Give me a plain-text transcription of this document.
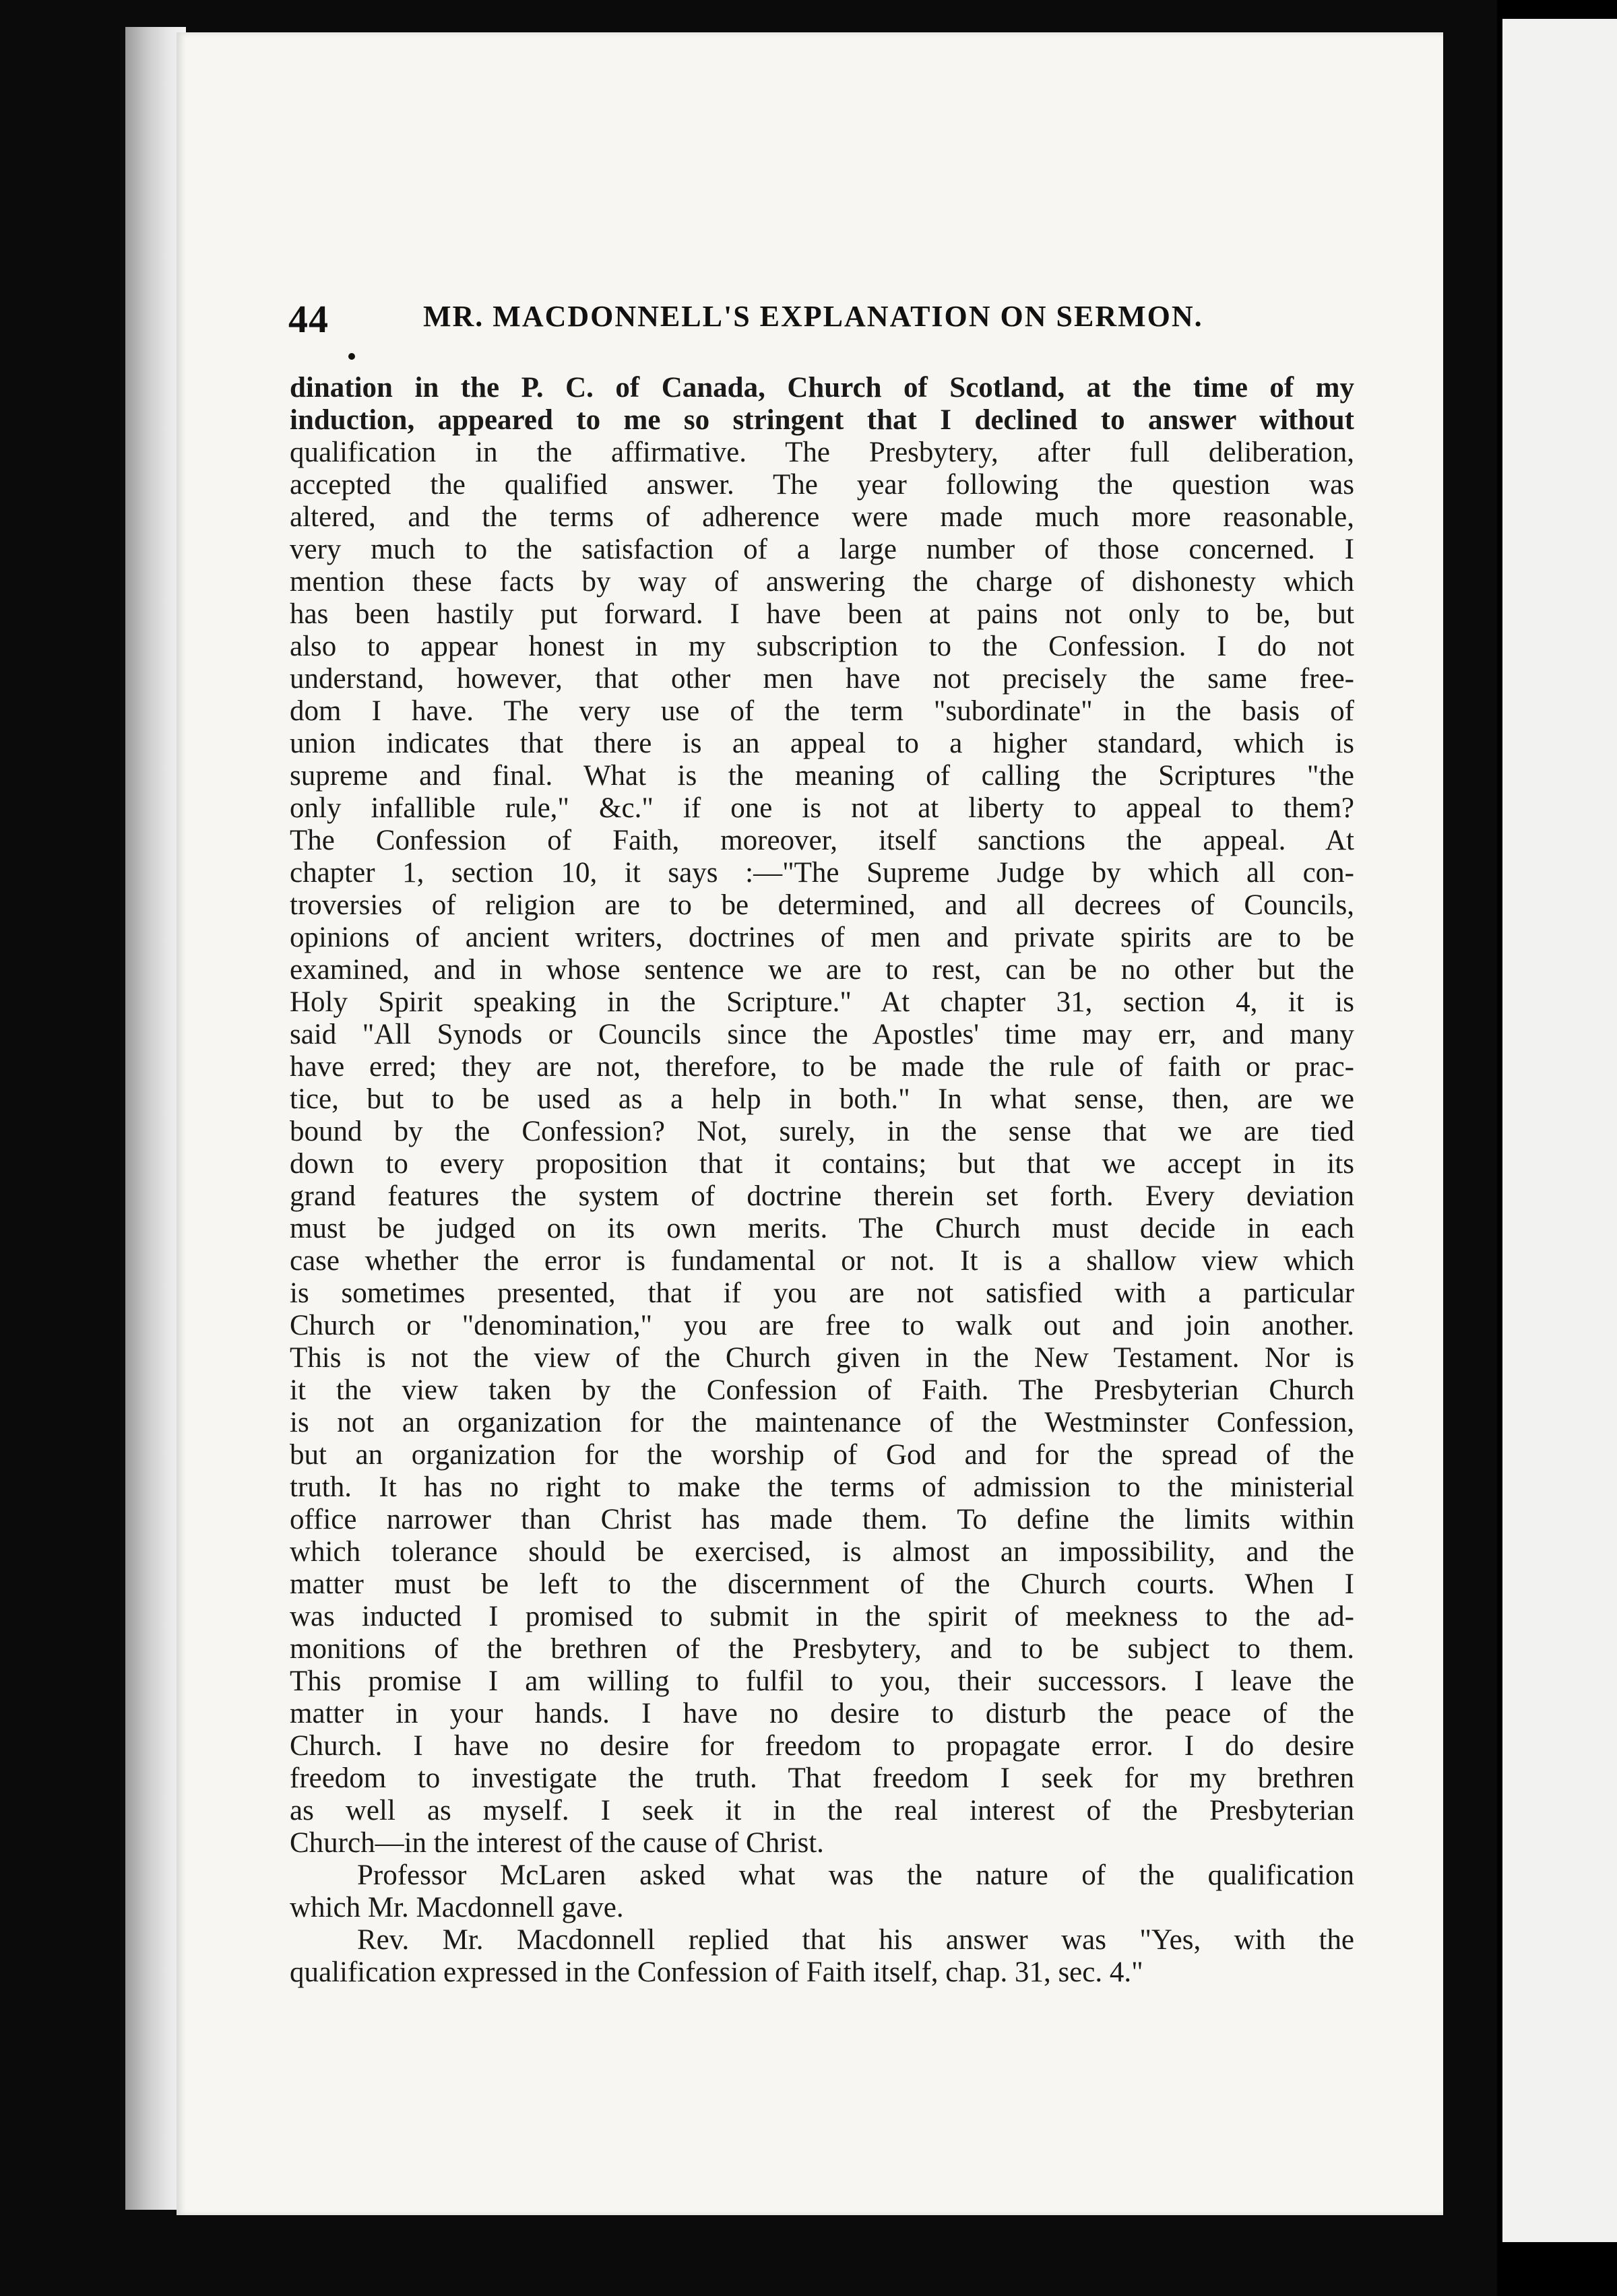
44	MR. MACDONNELL'S EXPLANATION ON SERMON.
dination in the P. C. of Canada, Church of Scotland, at the time of my
induction, appeared to me so stringent that I declined to answer without
qualification in the affirmative. The Presbytery, after full deliberation,
accepted the qualified answer. The year following the question was
altered, and the terms of adherence were made much more reasonable,
very much to the satisfaction of a large number of those concerned. I
mention these facts by way of answering the charge of dishonesty which
has been hastily put forward. I have been at pains not only to be, but
also to appear honest in my subscription to the Confession. I do not
understand, however, that other men have not precisely the same free-
dom I have. The very use of the term "subordinate" in the basis of
union indicates that there is an appeal to a higher standard, which is
supreme and final. What is the meaning of calling the Scriptures "the
only infallible rule," &c." if one is not at liberty to appeal to them?
The Confession of Faith, moreover, itself sanctions the appeal. At
chapter 1, section 10, it says :—"The Supreme Judge by which all con-
troversies of religion are to be determined, and all decrees of Councils,
opinions of ancient writers, doctrines of men and private spirits are to be
examined, and in whose sentence we are to rest, can be no other but the
Holy Spirit speaking in the Scripture." At chapter 31, section 4, it is
said "All Synods or Councils since the Apostles' time may err, and many
have erred; they are not, therefore, to be made the rule of faith or prac-
tice, but to be used as a help in both." In what sense, then, are we
bound by the Confession? Not, surely, in the sense that we are tied
down to every proposition that it contains; but that we accept in its
grand features the system of doctrine therein set forth. Every deviation
must be judged on its own merits. The Church must decide in each
case whether the error is fundamental or not. It is a shallow view which
is sometimes presented, that if you are not satisfied with a particular
Church or "denomination," you are free to walk out and join another.
This is not the view of the Church given in the New Testament. Nor is
it the view taken by the Confession of Faith. The Presbyterian Church
is not an organization for the maintenance of the Westminster Confession,
but an organization for the worship of God and for the spread of the
truth. It has no right to make the terms of admission to the ministerial
office narrower than Christ has made them. To define the limits within
which tolerance should be exercised, is almost an impossibility, and the
matter must be left to the discernment of the Church courts. When I
was inducted I promised to submit in the spirit of meekness to the ad-
monitions of the brethren of the Presbytery, and to be subject to them.
This promise I am willing to fulfil to you, their successors. I leave the
matter in your hands. I have no desire to disturb the peace of the
Church. I have no desire for freedom to propagate error. I do desire
freedom to investigate the truth. That freedom I seek for my brethren
as well as myself. I seek it in the real interest of the Presbyterian
Church—in the interest of the cause of Christ.
Professor McLaren asked what was the nature of the qualification
which Mr. Macdonnell gave.
Rev. Mr. Macdonnell replied that his answer was "Yes, with the
qualification expressed in the Confession of Faith itself, chap. 31, sec. 4."
